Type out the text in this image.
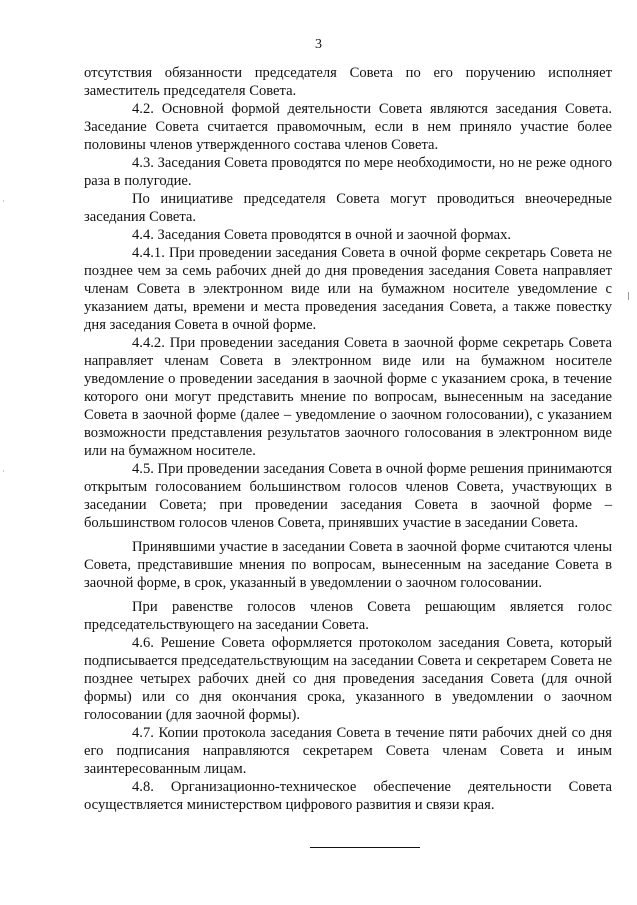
3

отсутствия обязанности председателя Совета по его поручению исполняет заместитель председателя Совета.

4.2. Основной формой деятельности Совета являются заседания Совета. Заседание Совета считается правомочным, если в нем приняло участие более половины членов утвержденного состава членов Совета.

4.3. Заседания Совета проводятся по мере необходимости, но не реже одного раза в полугодие.

По инициативе председателя Совета могут проводиться внеочередные заседания Совета.

4.4. Заседания Совета проводятся в очной и заочной формах.

4.4.1. При проведении заседания Совета в очной форме секретарь Совета не позднее чем за семь рабочих дней до дня проведения заседания Совета направляет членам Совета в электронном виде или на бумажном носителе уведомление с указанием даты, времени и места проведения заседания Совета, а также повестку дня заседания Совета в очной форме.

4.4.2. При проведении заседания Совета в заочной форме секретарь Совета направляет членам Совета в электронном виде или на бумажном носителе уведомление о проведении заседания в заочной форме с указанием срока, в течение которого они могут представить мнение по вопросам, вынесенным на заседание Совета в заочной форме (далее – уведомление о заочном голосовании), с указанием возможности представления результатов заочного голосования в электронном виде или на бумажном носителе.

4.5. При проведении заседания Совета в очной форме решения принимаются открытым голосованием большинством голосов членов Совета, участвующих в заседании Совета; при проведении заседания Совета в заочной форме – большинством голосов членов Совета, принявших участие в заседании Совета.

Принявшими участие в заседании Совета в заочной форме считаются члены Совета, представившие мнения по вопросам, вынесенным на заседание Совета в заочной форме, в срок, указанный в уведомлении о заочном голосовании.

При равенстве голосов членов Совета решающим является голос председательствующего на заседании Совета.

4.6. Решение Совета оформляется протоколом заседания Совета, который подписывается председательствующим на заседании Совета и секретарем Совета не позднее четырех рабочих дней со дня проведения заседания Совета (для очной формы) или со дня окончания срока, указанного в уведомлении о заочном голосовании (для заочной формы).

4.7. Копии протокола заседания Совета в течение пяти рабочих дней со дня его подписания направляются секретарем Совета членам Совета и иным заинтересованным лицам.

4.8. Организационно-техническое обеспечение деятельности Совета осуществляется министерством цифрового развития и связи края.
